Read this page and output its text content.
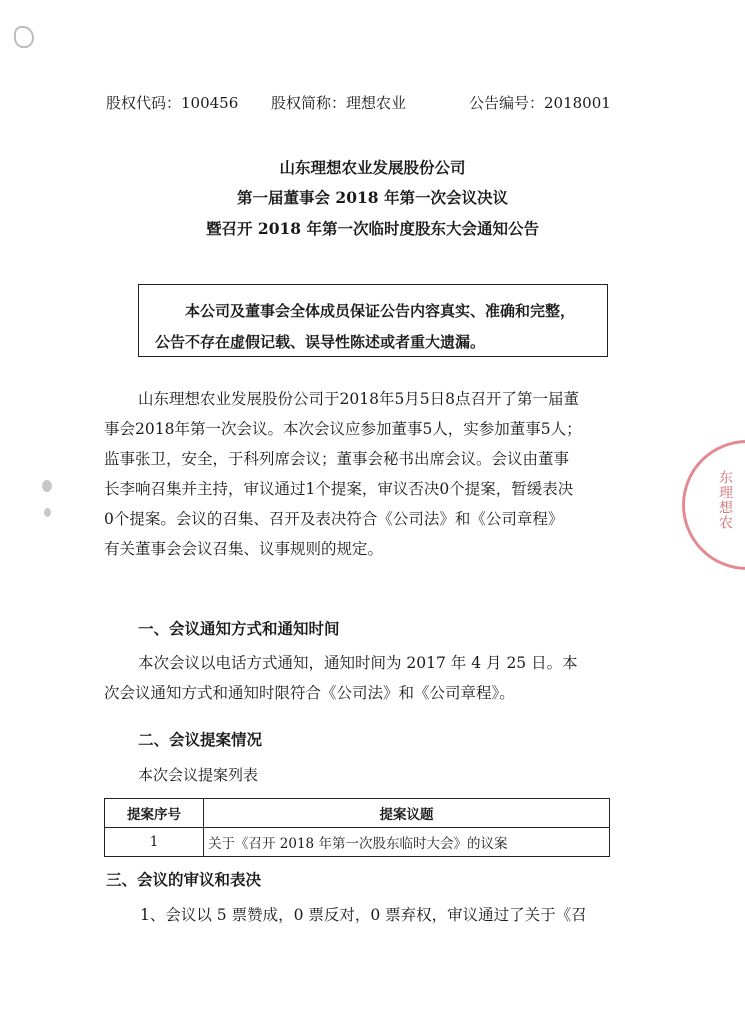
股权代码：100456 股权简称：理想农业	公告编号：2018001
山东理想农业发展股份公司
第一届董事会 2018 年第一次会议决议
暨召开 2018 年第一次临时度股东大会通知公告
本公司及董事会全体成员保证公告内容真实、准确和完整，
公告不存在虚假记载、误导性陈述或者重大遗漏。
山东理想农业发展股份公司于2018年5月5日8点召开了第一届董
事会2018年第一次会议。本次会议应参加董事5人，实参加董事5人；
监事张卫，安全，于科列席会议；董事会秘书出席会议。会议由董事
长李响召集并主持，审议通过1个提案，审议否决0个提案，暂缓表决
0个提案。会议的召集、召开及表决符合《公司法》和《公司章程》
有关董事会会议召集、议事规则的规定。
一、会议通知方式和通知时间
本次会议以电话方式通知，通知时间为 2017 年 4 月 25 日。本
次会议通知方式和通知时限符合《公司法》和《公司章程》。
二、会议提案情况
本次会议提案列表
提案序号	提案议题
1	关于《召开 2018 年第一次股东临时大会》的议案
三、会议的审议和表决
1、会议以 5 票赞成，0 票反对，0 票弃权，审议通过了关于《召
东理想农
